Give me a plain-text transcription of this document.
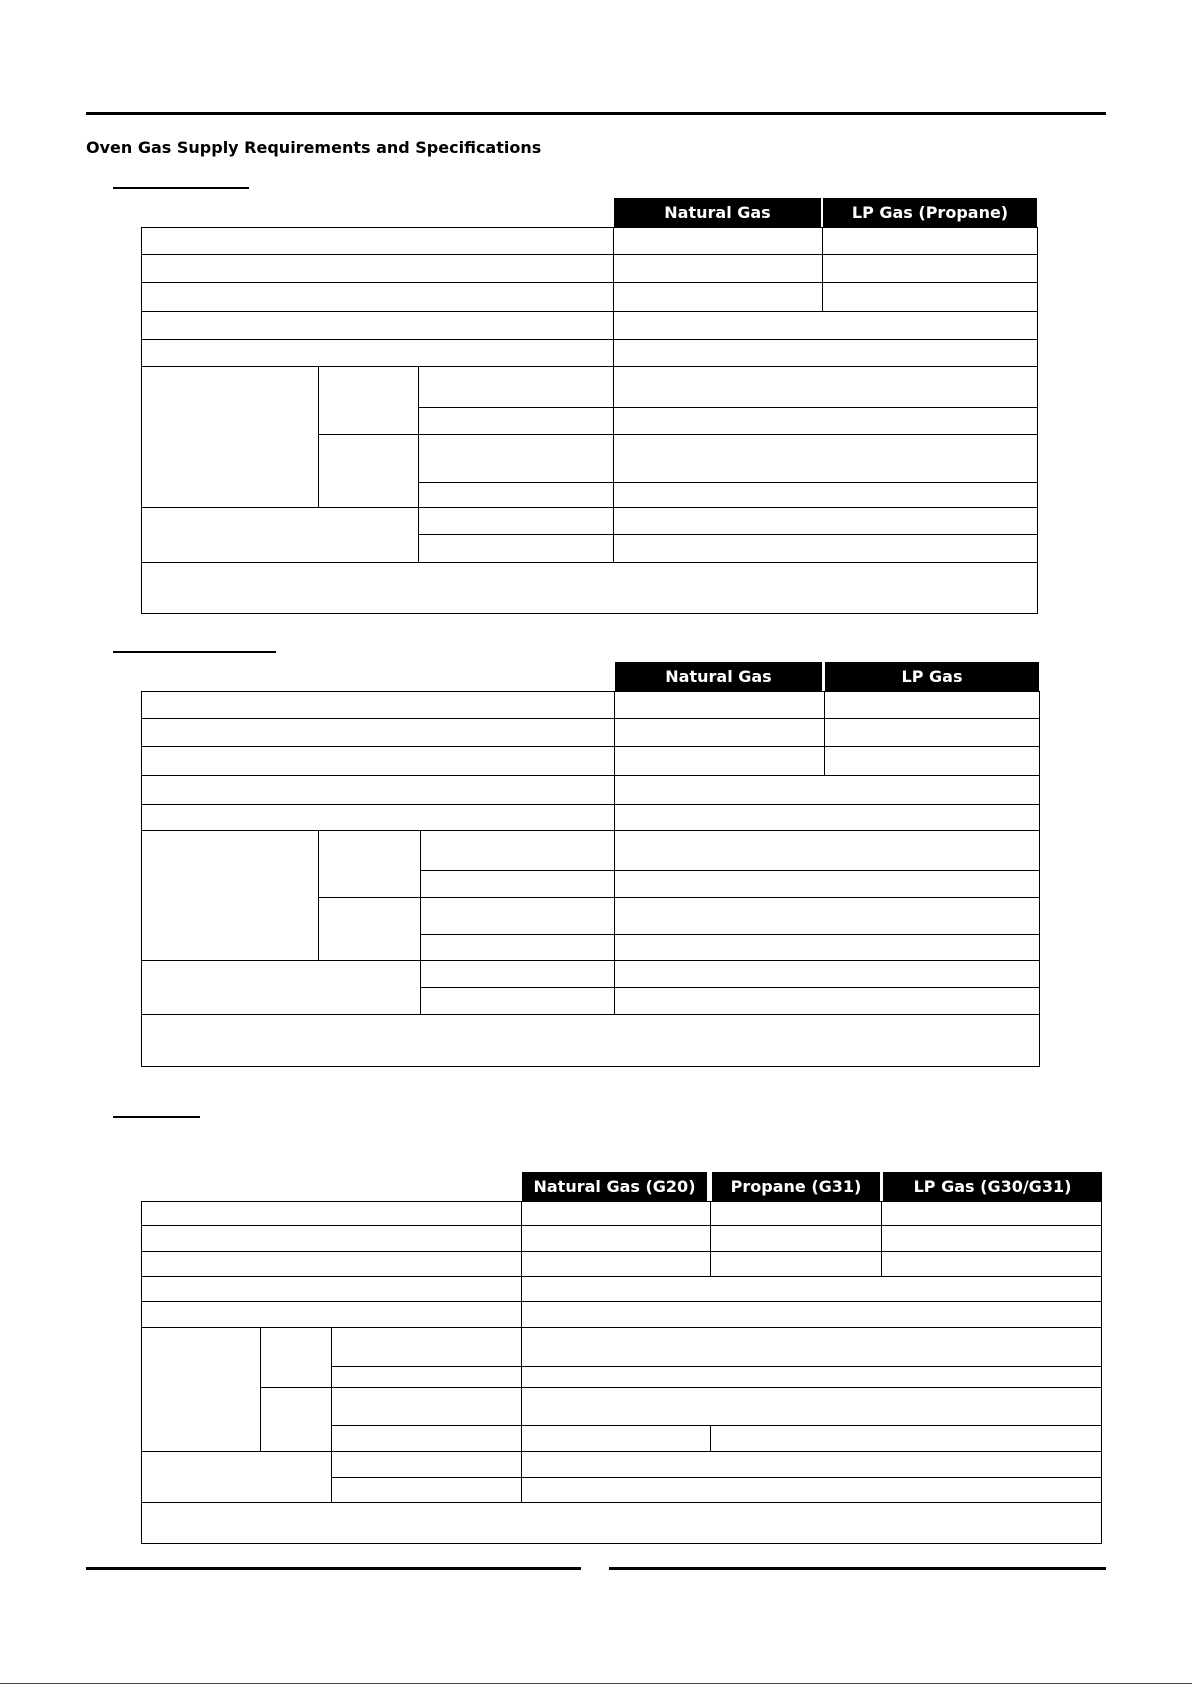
Oven Gas Supply Requirements and Specifications
Natural Gas	LP Gas (Propane)
Natural Gas	LP Gas
Natural Gas (G20)	Propane (G31)	LP Gas (G30/G31)
